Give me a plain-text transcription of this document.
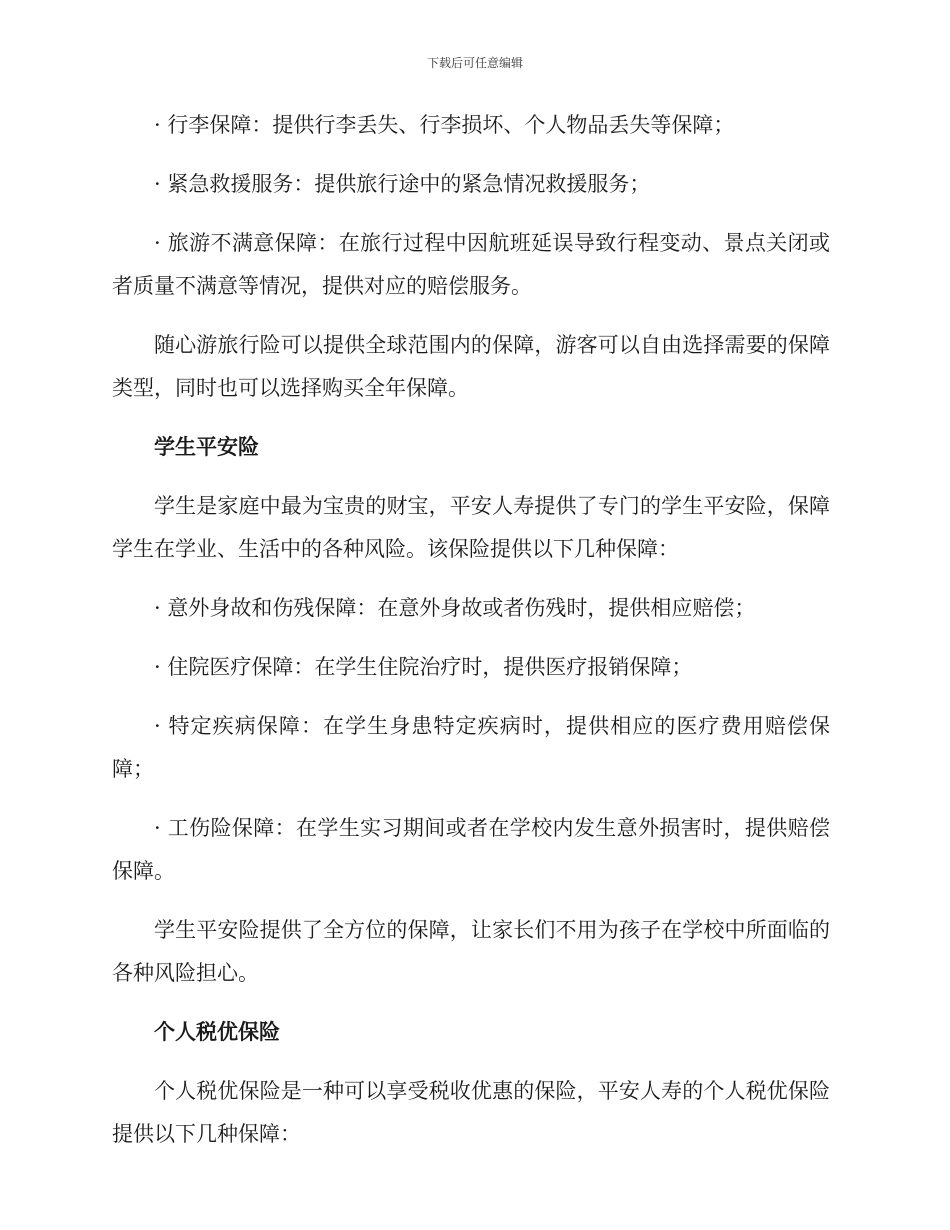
下载后可任意编辑

· 行李保障：提供行李丢失、行李损坏、个人物品丢失等保障；

· 紧急救援服务：提供旅行途中的紧急情况救援服务；

· 旅游不满意保障：在旅行过程中因航班延误导致行程变动、景点关闭或者质量不满意等情况，提供对应的赔偿服务。

随心游旅行险可以提供全球范围内的保障，游客可以自由选择需要的保障类型，同时也可以选择购买全年保障。

学生平安险

学生是家庭中最为宝贵的财宝，平安人寿提供了专门的学生平安险，保障学生在学业、生活中的各种风险。该保险提供以下几种保障：

· 意外身故和伤残保障：在意外身故或者伤残时，提供相应赔偿；

· 住院医疗保障：在学生住院治疗时，提供医疗报销保障；

· 特定疾病保障：在学生身患特定疾病时，提供相应的医疗费用赔偿保障；

· 工伤险保障：在学生实习期间或者在学校内发生意外损害时，提供赔偿保障。

学生平安险提供了全方位的保障，让家长们不用为孩子在学校中所面临的各种风险担心。

个人税优保险

个人税优保险是一种可以享受税收优惠的保险，平安人寿的个人税优保险提供以下几种保障：
